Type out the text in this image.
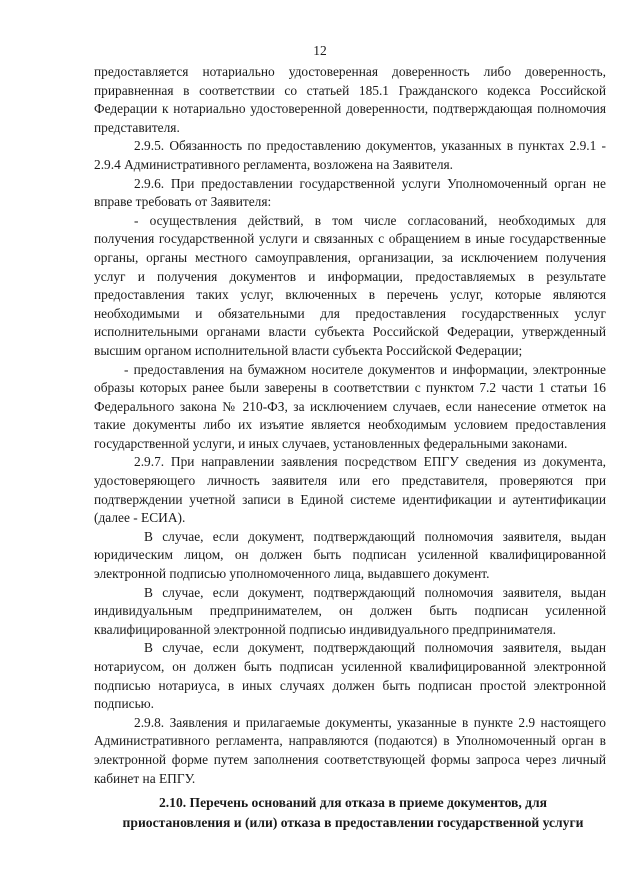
12

предоставляется нотариально удостоверенная доверенность либо доверенность, приравненная в соответствии со статьей 185.1 Гражданского кодекса Российской Федерации к нотариально удостоверенной доверенности, подтверждающая полномочия представителя.

2.9.5. Обязанность по предоставлению документов, указанных в пунктах 2.9.1 - 2.9.4 Административного регламента, возложена на Заявителя.

2.9.6. При предоставлении государственной услуги Уполномоченный орган не вправе требовать от Заявителя:

- осуществления действий, в том числе согласований, необходимых для получения государственной услуги и связанных с обращением в иные государственные органы, органы местного самоуправления, организации, за исключением получения услуг и получения документов и информации, предоставляемых в результате предоставления таких услуг, включенных в перечень услуг, которые являются необходимыми и обязательными для предоставления государственных услуг исполнительными органами власти субъекта Российской Федерации, утвержденный высшим органом исполнительной власти субъекта Российской Федерации;

- предоставления на бумажном носителе документов и информации, электронные образы которых ранее были заверены в соответствии с пунктом 7.2 части 1 статьи 16 Федерального закона № 210-ФЗ, за исключением случаев, если нанесение отметок на такие документы либо их изъятие является необходимым условием предоставления государственной услуги, и иных случаев, установленных федеральными законами.

2.9.7. При направлении заявления посредством ЕПГУ сведения из документа, удостоверяющего личность заявителя или его представителя, проверяются при подтверждении учетной записи в Единой системе идентификации и аутентификации (далее - ЕСИА).

В случае, если документ, подтверждающий полномочия заявителя, выдан юридическим лицом, он должен быть подписан усиленной квалифицированной электронной подписью уполномоченного лица, выдавшего документ.

В случае, если документ, подтверждающий полномочия заявителя, выдан индивидуальным предпринимателем, он должен быть подписан усиленной квалифицированной электронной подписью индивидуального предпринимателя.

В случае, если документ, подтверждающий полномочия заявителя, выдан нотариусом, он должен быть подписан усиленной квалифицированной электронной подписью нотариуса, в иных случаях должен быть подписан простой электронной подписью.

2.9.8. Заявления и прилагаемые документы, указанные в пункте 2.9 настоящего Административного регламента, направляются (подаются) в Уполномоченный орган в электронной форме путем заполнения соответствующей формы запроса через личный кабинет на ЕПГУ.

2.10. Перечень оснований для отказа в приеме документов, для
приостановления и (или) отказа в предоставлении государственной услуги
